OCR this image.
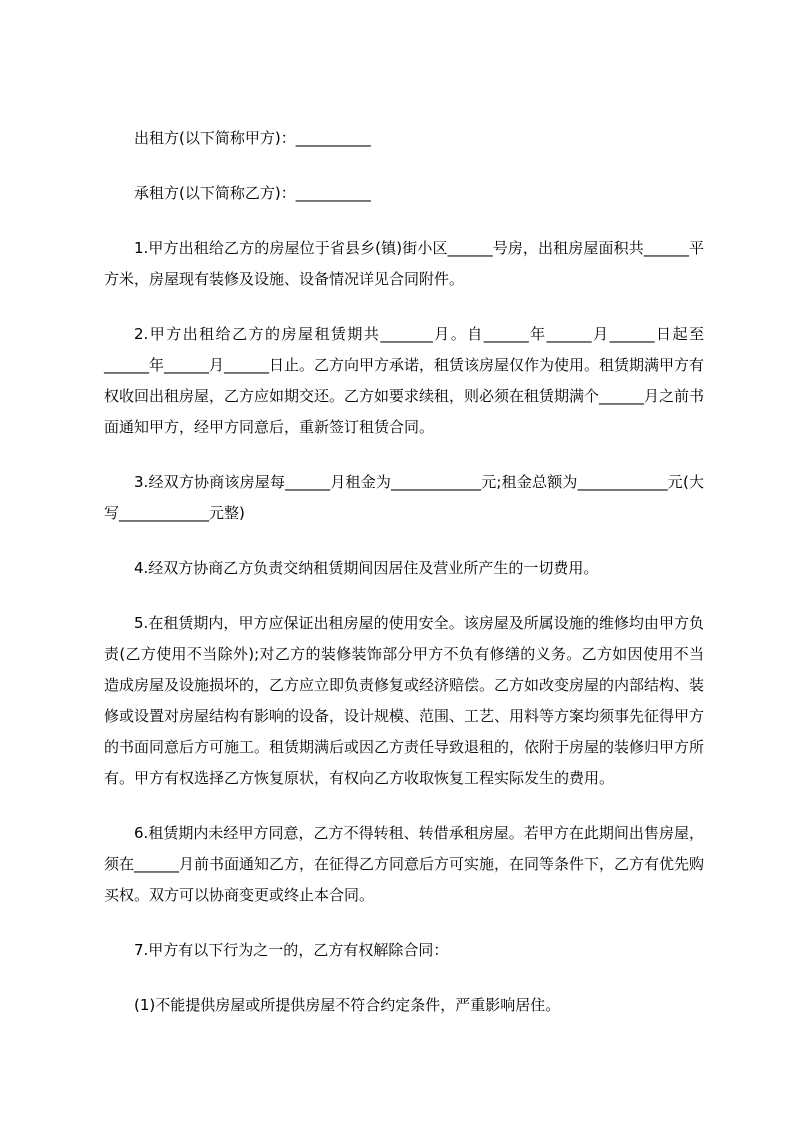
出租方(以下简称甲方)：__________

承租方(以下简称乙方)：__________

1.甲方出租给乙方的房屋位于省县乡(镇)街小区______号房，出租房屋面积共______平方米，房屋现有装修及设施、设备情况详见合同附件。

2.甲方出租给乙方的房屋租赁期共_______月。自______年______月______日起至______年______月______日止。乙方向甲方承诺，租赁该房屋仅作为使用。租赁期满甲方有权收回出租房屋，乙方应如期交还。乙方如要求续租，则必须在租赁期满个______月之前书面通知甲方，经甲方同意后，重新签订租赁合同。

3.经双方协商该房屋每______月租金为____________元;租金总额为____________元(大写____________元整)

4.经双方协商乙方负责交纳租赁期间因居住及营业所产生的一切费用。

5.在租赁期内，甲方应保证出租房屋的使用安全。该房屋及所属设施的维修均由甲方负责(乙方使用不当除外);对乙方的装修装饰部分甲方不负有修缮的义务。乙方如因使用不当造成房屋及设施损坏的，乙方应立即负责修复或经济赔偿。乙方如改变房屋的内部结构、装修或设置对房屋结构有影响的设备，设计规模、范围、工艺、用料等方案均须事先征得甲方的书面同意后方可施工。租赁期满后或因乙方责任导致退租的，依附于房屋的装修归甲方所有。甲方有权选择乙方恢复原状，有权向乙方收取恢复工程实际发生的费用。

6.租赁期内未经甲方同意，乙方不得转租、转借承租房屋。若甲方在此期间出售房屋，须在______月前书面通知乙方，在征得乙方同意后方可实施，在同等条件下，乙方有优先购买权。双方可以协商变更或终止本合同。

7.甲方有以下行为之一的，乙方有权解除合同：

(1)不能提供房屋或所提供房屋不符合约定条件，严重影响居住。
